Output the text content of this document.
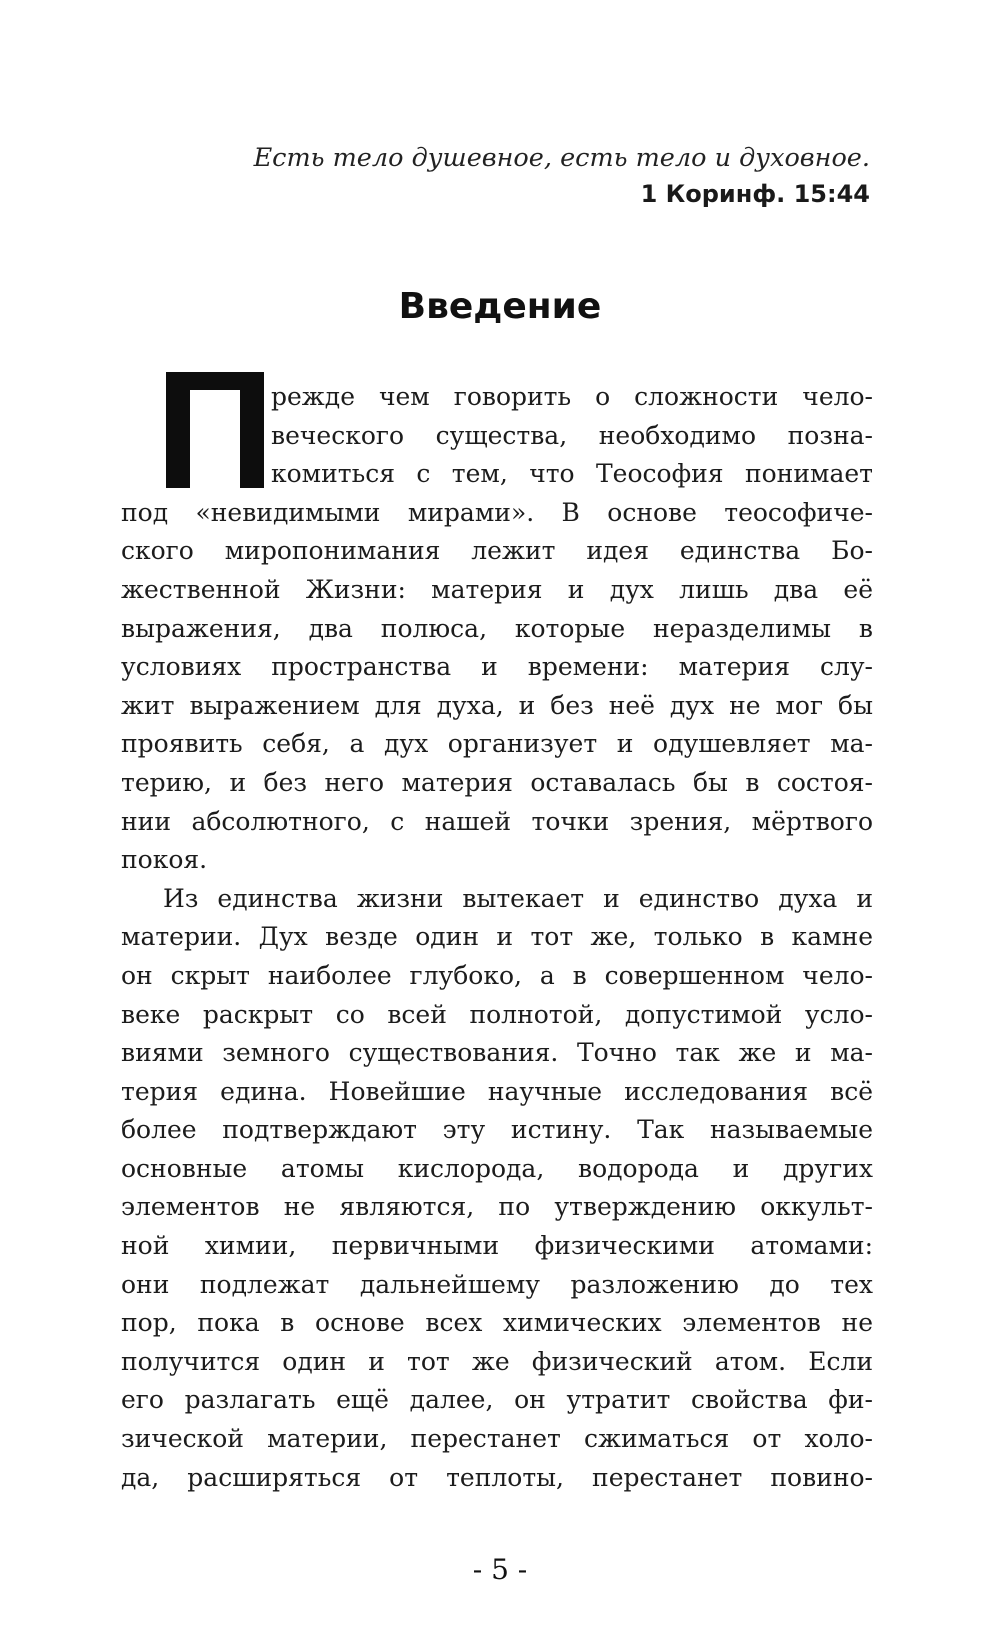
Есть тело душевное, есть тело и духовное.
1 Коринф. 15:44
Введение
режде чем говорить о сложности чело-
веческого существа, необходимо позна-
комиться с тем, что Теософия понимает
под «невидимыми мирами». В основе теософиче-
ского миропонимания лежит идея единства Бо-
жественной Жизни: материя и дух лишь два её
выражения, два полюса, которые неразделимы в
условиях пространства и времени: материя слу-
жит выражением для духа, и без неё дух не мог бы
проявить себя, а дух организует и одушевляет ма-
терию, и без него материя оставалась бы в состоя-
нии абсолютного, с нашей точки зрения, мёртвого
покоя.
Из единства жизни вытекает и единство духа и
материи. Дух везде один и тот же, только в камне
он скрыт наиболее глубоко, а в совершенном чело-
веке раскрыт со всей полнотой, допустимой усло-
виями земного существования. Точно так же и ма-
терия едина. Новейшие научные исследования всё
более подтверждают эту истину. Так называемые
основные атомы кислорода, водорода и других
элементов не являются, по утверждению оккульт-
ной химии, первичными физическими атомами:
они подлежат дальнейшему разложению до тех
пор, пока в основе всех химических элементов не
получится один и тот же физический атом. Если
его разлагать ещё далее, он утратит свойства фи-
зической материи, перестанет сжиматься от холо-
да, расширяться от теплоты, перестанет повино-
- 5 -
